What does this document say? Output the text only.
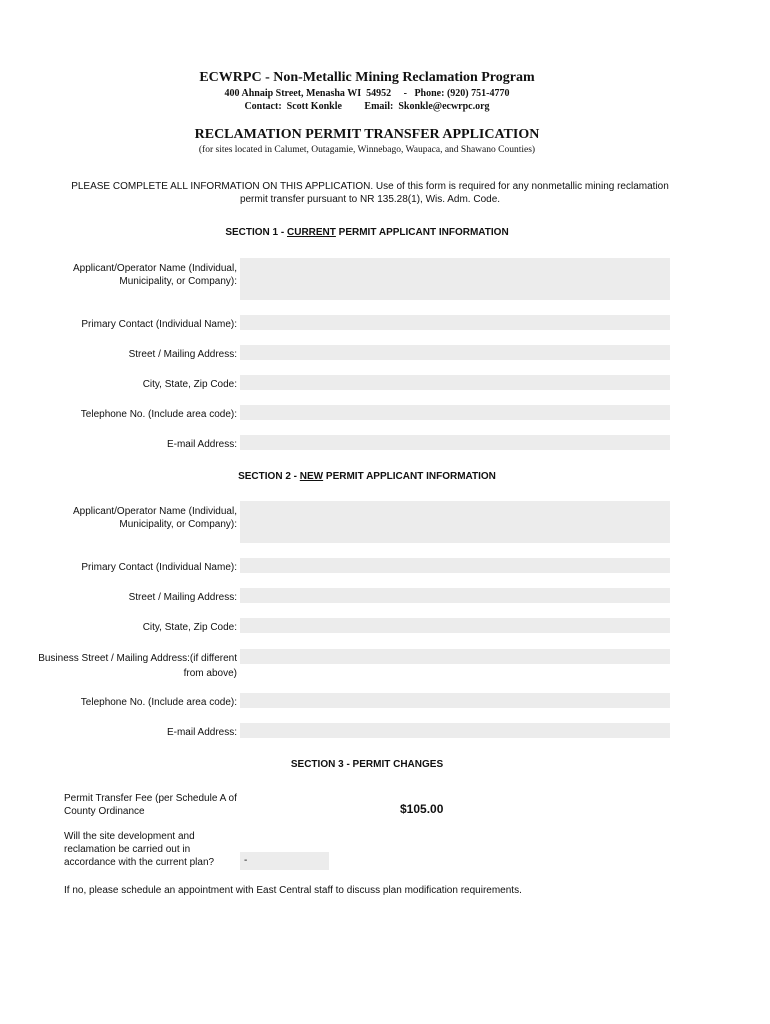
ECWRPC - Non-Metallic Mining Reclamation Program
400 Ahnaip Street, Menasha WI  54952     -   Phone: (920) 751-4770
Contact:  Scott Konkle         Email:  Skonkle@ecwrpc.org
RECLAMATION PERMIT TRANSFER APPLICATION
(for sites located in Calumet, Outagamie, Winnebago, Waupaca, and Shawano Counties)
PLEASE COMPLETE ALL INFORMATION ON THIS APPLICATION. Use of this form is required for any nonmetallic mining reclamation permit transfer pursuant to NR 135.28(1), Wis. Adm. Code.
SECTION 1 - CURRENT PERMIT APPLICANT INFORMATION
Applicant/Operator Name (Individual, Municipality, or Company):
Primary Contact (Individual Name):
Street / Mailing Address:
City, State, Zip Code:
Telephone No. (Include area code):
E-mail Address:
SECTION 2 - NEW PERMIT APPLICANT INFORMATION
Applicant/Operator Name (Individual, Municipality, or Company):
Primary Contact (Individual Name):
Street / Mailing Address:
City, State, Zip Code:
Business Street / Mailing Address:(if different from above)
Telephone No. (Include area code):
E-mail Address:
SECTION 3 - PERMIT CHANGES
Permit Transfer Fee (per Schedule A of County Ordinance	$105.00
Will the site development and reclamation be carried out in accordance with the current plan?	-
If no, please schedule an appointment with East Central staff to discuss plan modification requirements.
